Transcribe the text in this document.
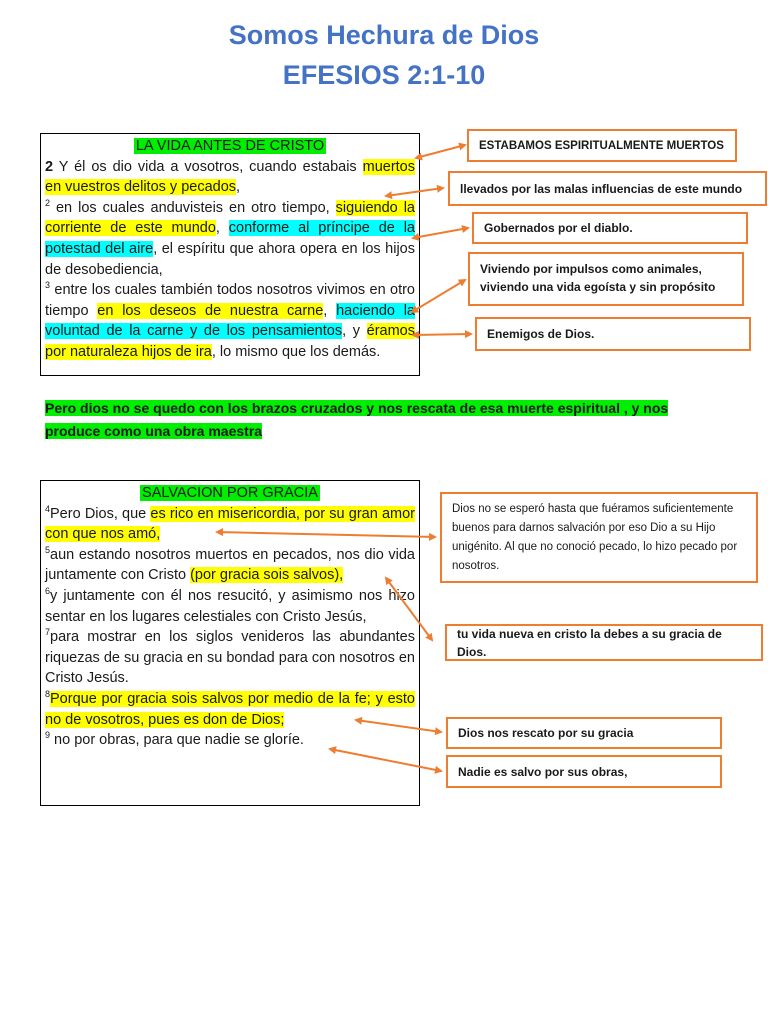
Somos Hechura de Dios
EFESIOS 2:1-10
LA VIDA ANTES DE CRISTO

2 Y él os dio vida a vosotros, cuando estabais muertos en vuestros delitos y pecados,
$^2$ en los cuales anduvisteis en otro tiempo, siguiendo la corriente de este mundo, conforme al príncipe de la potestad del aire, el espíritu que ahora opera en los hijos de desobediencia,

$^3$ entre los cuales también todos nosotros vivimos en otro tiempo en los deseos de nuestra carne, haciendo la voluntad de la carne y de los pensamientos, y éramos por naturaleza hijos de ira, lo mismo que los demás.

ESTABAMOS ESPIRITUALMENTE MUERTOS
llevados por las malas influencias de este mundo
Gobernados por el diablo.
Viviendo por impulsos como animales, viviendo una vida egoísta y sin propósito
Enemigos de Dios.
Pero dios no se quedo con los brazos cruzados y nos rescata de esa muerte espiritual , y nos produce como una obra maestra
SALVACION POR GRACIA

$^4$Pero Dios, que es rico en misericordia, por su gran amor con que nos amó,

$^5$aun estando nosotros muertos en pecados, nos dio vida juntamente con Cristo (por gracia sois salvos),

$^6$y juntamente con él nos resucitó, y asimismo nos hizo sentar en los lugares celestiales con Cristo Jesús,

$^7$para mostrar en los siglos venideros las abundantes riquezas de su gracia en su bondad para con nosotros en Cristo Jesús.

$^8$Porque por gracia sois salvos por medio de la fe; y esto no de vosotros, pues es don de Dios;

$^9$ no por obras, para que nadie se gloríe.

Dios no se esperó hasta que fuéramos suficientemente buenos para darnos salvación por eso Dio a su Hijo unigénito. Al que no conoció pecado, lo hizo pecado por nosotros.
tu vida nueva en cristo la debes a su gracia de Dios.
Dios nos rescato por su gracia
Nadie es salvo por sus obras,
